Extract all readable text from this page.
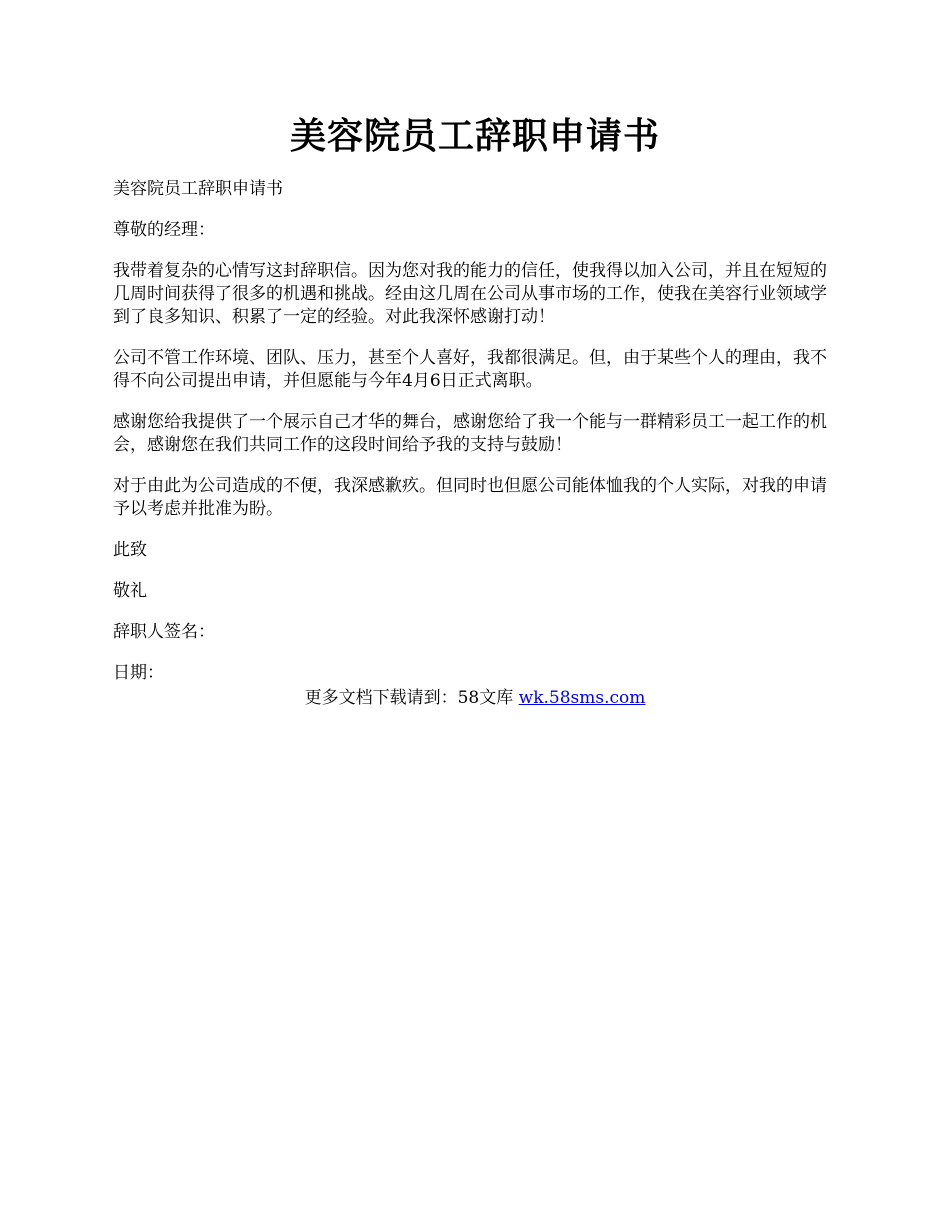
美容院员工辞职申请书

美容院员工辞职申请书

尊敬的经理：

我带着复杂的心情写这封辞职信。因为您对我的能力的信任，使我得以加入公司，并且在短短的几周时间获得了很多的机遇和挑战。经由这几周在公司从事市场的工作，使我在美容行业领域学到了良多知识、积累了一定的经验。对此我深怀感谢打动！

公司不管工作环境、团队、压力，甚至个人喜好，我都很满足。但，由于某些个人的理由，我不得不向公司提出申请，并但愿能与今年4月6日正式离职。

感谢您给我提供了一个展示自己才华的舞台，感谢您给了我一个能与一群精彩员工一起工作的机会，感谢您在我们共同工作的这段时间给予我的支持与鼓励！

对于由此为公司造成的不便，我深感歉疚。但同时也但愿公司能体恤我的个人实际，对我的申请予以考虑并批准为盼。

此致

敬礼

辞职人签名：

日期：

更多文档下载请到：58文库 wk.58sms.com
